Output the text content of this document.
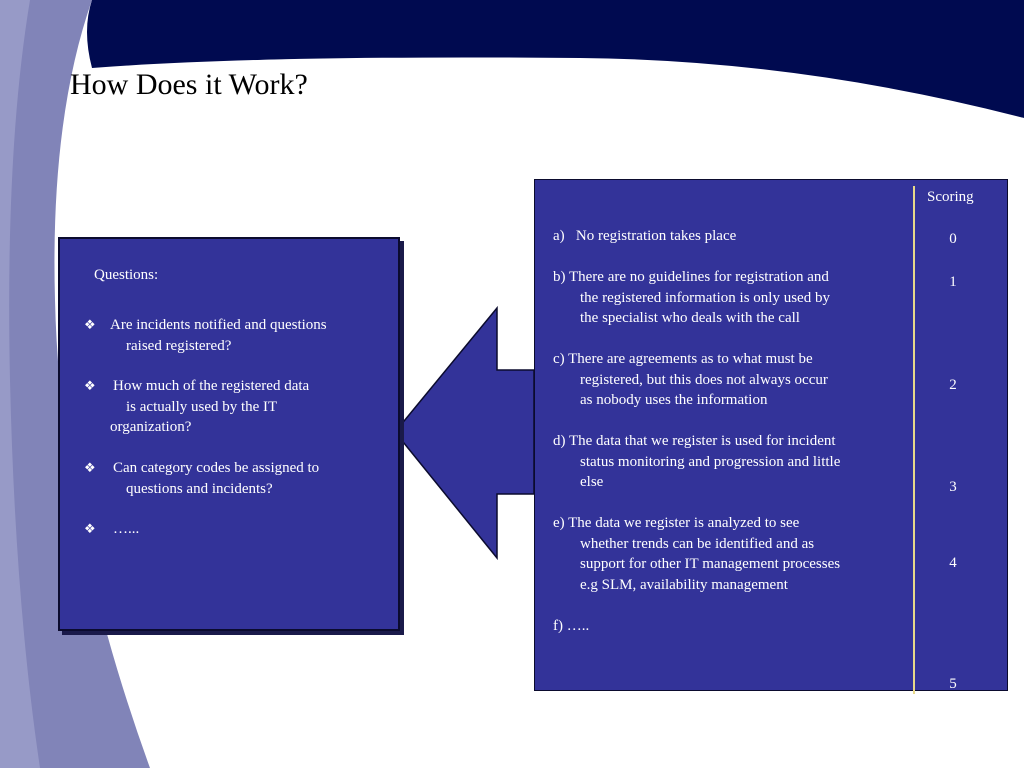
How Does it Work?
Questions:
❖ Are incidents notified and questions
raised registered?
❖ How much of the registered data
is actually used by the IT
organization?
❖ Can category codes be assigned to
questions and incidents?
❖ …...
Scoring
a)   No registration takes place
b) There are no guidelines for registration and
the registered information is only used by
the specialist who deals with the call
c) There are agreements as to what must be
registered, but this does not always occur
as nobody uses the information
d) The data that we register is used for incident
status monitoring and progression and little
else
e) The data we register is analyzed to see
whether trends can be identified and as
support for other IT management processes
e.g SLM, availability management
f) …..
0
1
2
3
4
5
